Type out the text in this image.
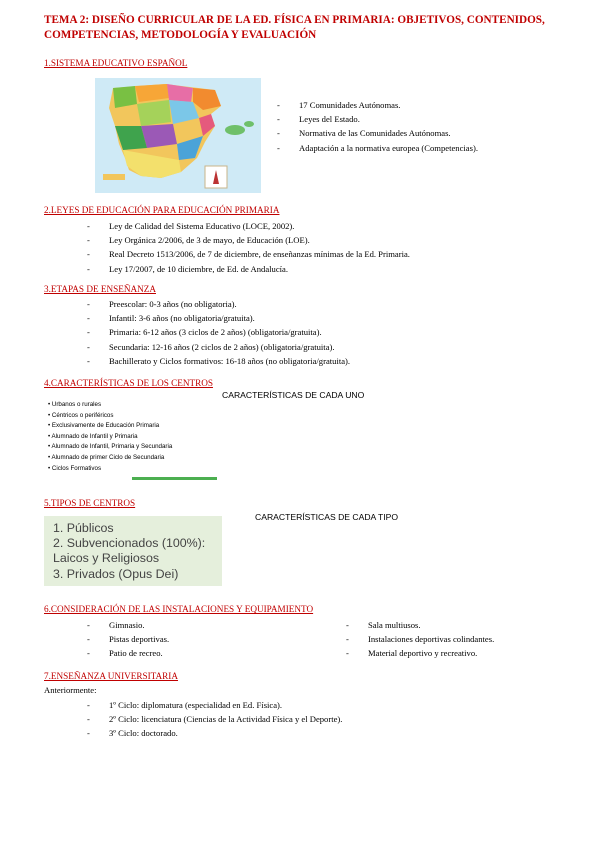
TEMA 2: DISEÑO CURRICULAR DE LA ED. FÍSICA EN PRIMARIA: OBJETIVOS, CONTENIDOS, COMPETENCIAS, METODOLOGÍA Y EVALUACIÓN
1.SISTEMA EDUCATIVO ESPAÑOL
- 17 Comunidades Autónomas.
- Leyes del Estado.
- Normativa de las Comunidades Autónomas.
- Adaptación a la normativa europea (Competencias).
2.LEYES DE EDUCACIÓN PARA EDUCACIÓN PRIMARIA
- Ley de Calidad del Sistema Educativo (LOCE, 2002).
- Ley Orgánica 2/2006, de 3 de mayo, de Educación (LOE).
- Real Decreto 1513/2006, de 7 de diciembre, de enseñanzas mínimas de la Ed. Primaria.
- Ley 17/2007, de 10 diciembre, de Ed. de Andalucía.
3.ETAPAS DE ENSEÑANZA
- Preescolar: 0-3 años (no obligatoria).
- Infantil: 3-6 años (no obligatoria/gratuita).
- Primaria: 6-12 años (3 ciclos de 2 años) (obligatoria/gratuita).
- Secundaria: 12-16 años (2 ciclos de 2 años) (obligatoria/gratuita).
- Bachillerato y Ciclos formativos: 16-18 años (no obligatoria/gratuita).
4.CARACTERÍSTICAS DE LOS CENTROS
CARACTERÍSTICAS DE CADA UNO
• Urbanos o rurales
• Céntricos o periféricos
• Exclusivamente de Educación Primaria
• Alumnado de Infantil y Primaria
• Alumnado de Infantil, Primaria y Secundaria
• Alumnado de primer Ciclo de Secundaria
• Ciclos Formativos
5.TIPOS DE CENTROS
CARACTERÍSTICAS DE CADA TIPO
1. Públicos
2. Subvencionados (100%):
Laicos y Religiosos
3. Privados (Opus Dei)
6.CONSIDERACIÓN DE LAS INSTALACIONES Y EQUIPAMIENTO
- Gimnasio.
- Pistas deportivas.
- Patio de recreo.
- Sala multiusos.
- Instalaciones deportivas colindantes.
- Material deportivo y recreativo.
7.ENSEÑANZA UNIVERSITARIA
Anteriormente:
- 1º Ciclo: diplomatura (especialidad en Ed. Física).
- 2º Ciclo: licenciatura (Ciencias de la Actividad Física y el Deporte).
- 3º Ciclo: doctorado.
